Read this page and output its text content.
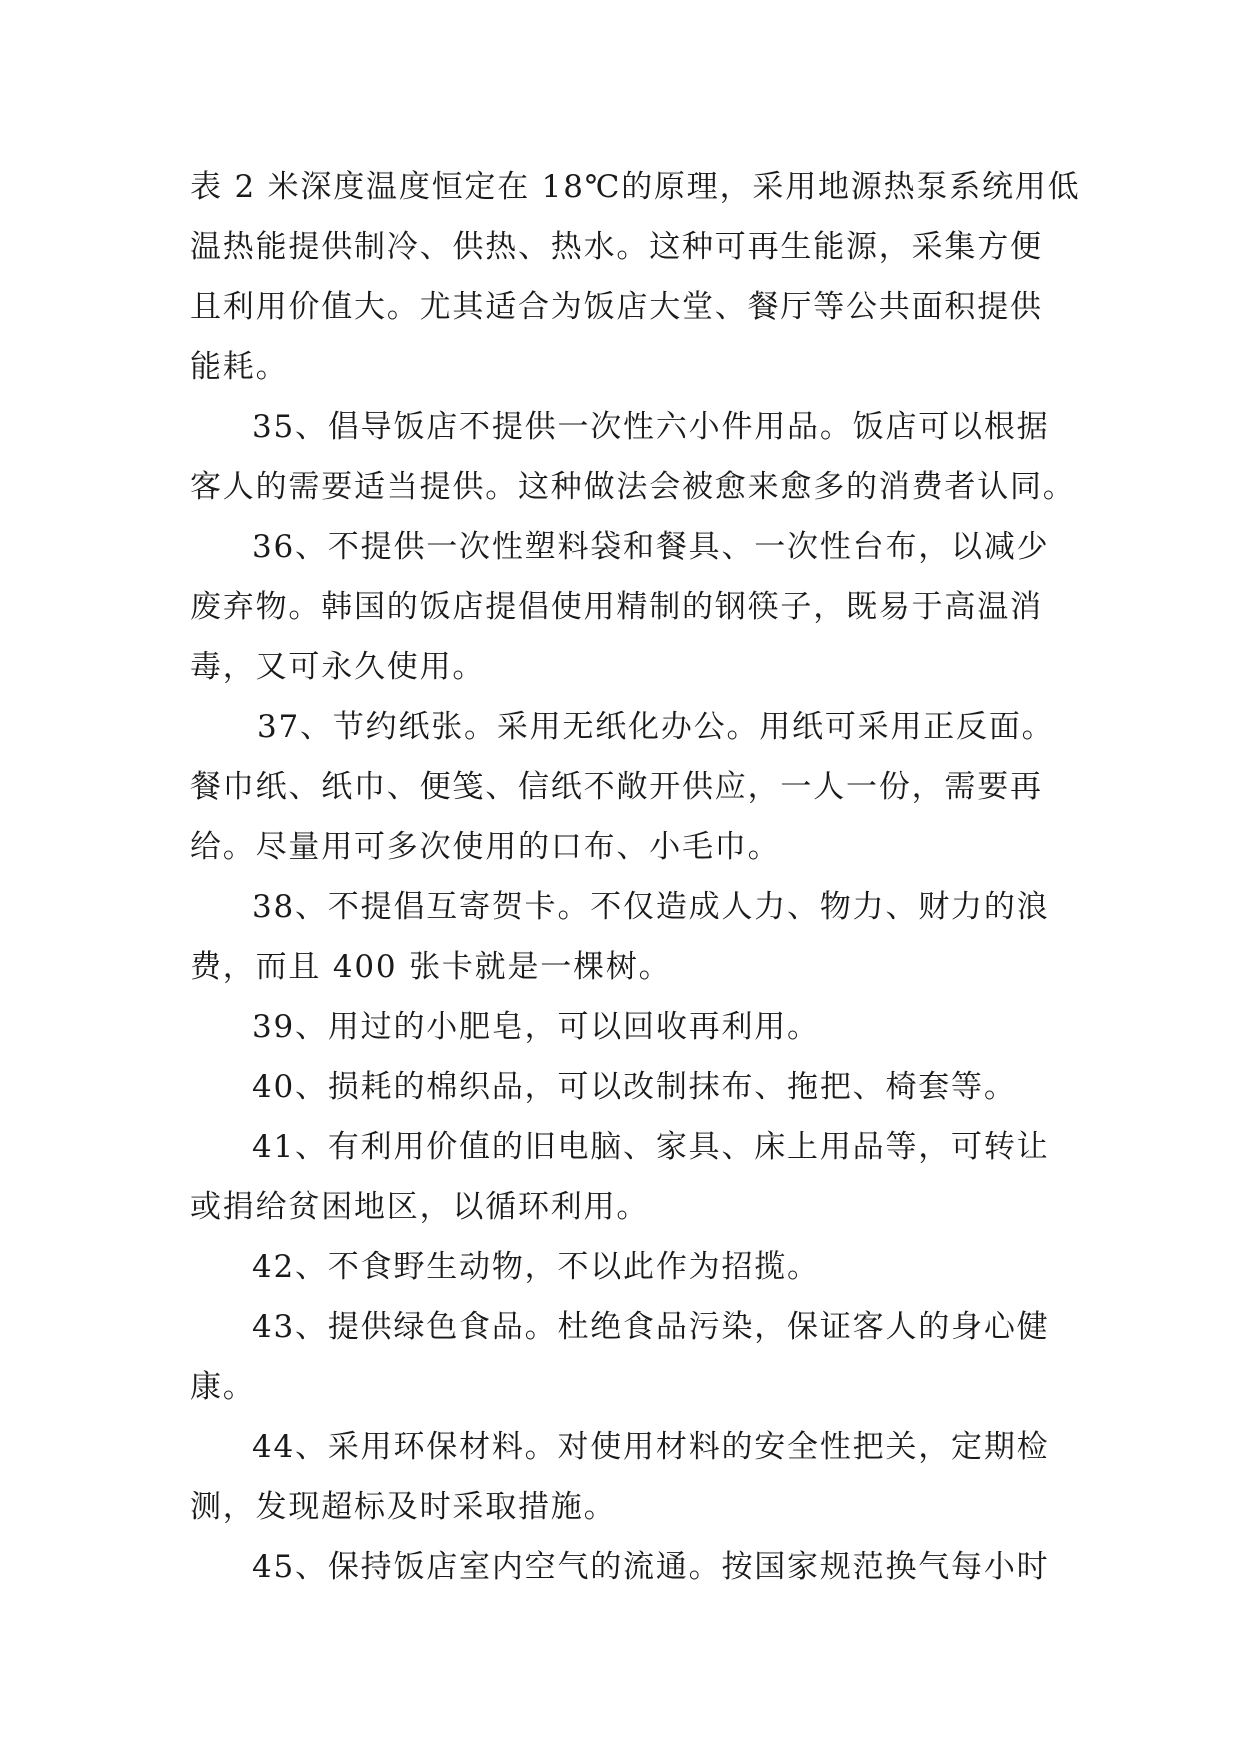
表 2 米深度温度恒定在 18℃的原理，采用地源热泵系统用低

温热能提供制冷、供热、热水。这种可再生能源，采集方便

且利用价值大。尤其适合为饭店大堂、餐厅等公共面积提供

能耗。

35、倡导饭店不提供一次性六小件用品。饭店可以根据

客人的需要适当提供。这种做法会被愈来愈多的消费者认同。

36、不提供一次性塑料袋和餐具、一次性台布，以减少

废弃物。韩国的饭店提倡使用精制的钢筷子，既易于高温消

毒，又可永久使用。

37、节约纸张。采用无纸化办公。用纸可采用正反面。

餐巾纸、纸巾、便笺、信纸不敞开供应，一人一份，需要再

给。尽量用可多次使用的口布、小毛巾。

38、不提倡互寄贺卡。不仅造成人力、物力、财力的浪

费，而且 400 张卡就是一棵树。

39、用过的小肥皂，可以回收再利用。

40、损耗的棉织品，可以改制抹布、拖把、椅套等。

41、有利用价值的旧电脑、家具、床上用品等，可转让

或捐给贫困地区，以循环利用。

42、不食野生动物，不以此作为招揽。

43、提供绿色食品。杜绝食品污染，保证客人的身心健

康。

44、采用环保材料。对使用材料的安全性把关，定期检

测，发现超标及时采取措施。

45、保持饭店室内空气的流通。按国家规范换气每小时
